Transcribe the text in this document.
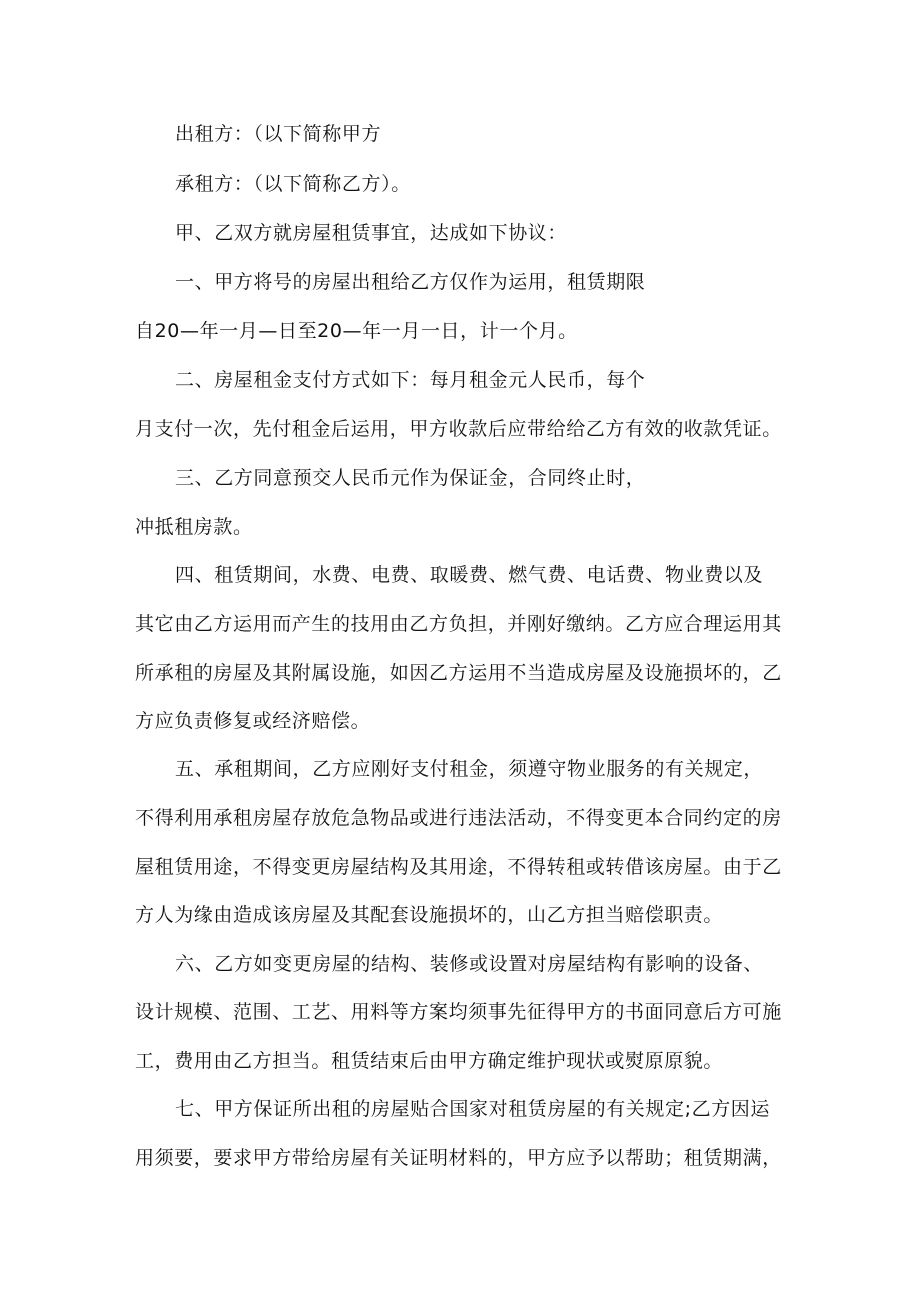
出租方：（以下简称甲方
承租方：（以下简称乙方）。
甲、乙双方就房屋租赁事宜，达成如下协议：
一、甲方将号的房屋出租给乙方仅作为运用，租赁期限
自20—年一月—日至20—年一月一日，计一个月。
二、房屋租金支付方式如下：每月租金元人民币，每个
月支付一次，先付租金后运用，甲方收款后应带给给乙方有效的收款凭证。
三、乙方同意预交人民币元作为保证金，合同终止时，
冲抵租房款。
四、租赁期间，水费、电费、取暖费、燃气费、电话费、物业费以及
其它由乙方运用而产生的技用由乙方负担，并刚好缴纳。乙方应合理运用其
所承租的房屋及其附属设施，如因乙方运用不当造成房屋及设施损坏的，乙
方应负责修复或经济赔偿。
五、承租期间，乙方应刚好支付租金，须遵守物业服务的有关规定，
不得利用承租房屋存放危急物品或进行违法活动，不得变更本合同约定的房
屋租赁用途，不得变更房屋结构及其用途，不得转租或转借该房屋。由于乙
方人为缘由造成该房屋及其配套设施损坏的，山乙方担当赔偿职责。
六、乙方如变更房屋的结构、装修或设置对房屋结构有影响的设备、
设计规模、范围、工艺、用料等方案均须事先征得甲方的书面同意后方可施
工，费用由乙方担当。租赁结束后由甲方确定维护现状或熨原原貌。
七、甲方保证所出租的房屋贴合国家对租赁房屋的有关规定;乙方因运
用须要，要求甲方带给房屋有关证明材料的，甲方应予以帮助；租赁期满，
